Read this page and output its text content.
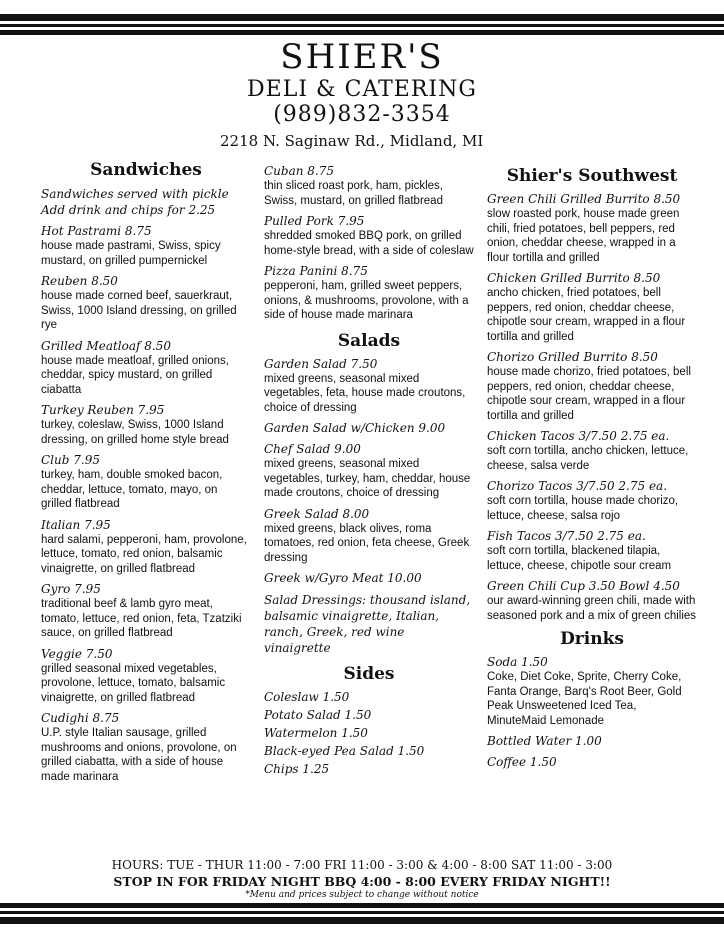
SHIER'S
DELI & CATERING
(989)832-3354
2218 N. Saginaw Rd., Midland, MI
Sandwiches
Sandwiches served with pickle Add drink and chips for 2.25
Hot Pastrami 8.75
house made pastrami, Swiss, spicy mustard, on grilled pumpernickel
Reuben 8.50
house made corned beef, sauerkraut, Swiss, 1000 Island dressing, on grilled rye
Grilled Meatloaf 8.50
house made meatloaf, grilled onions, cheddar, spicy mustard, on grilled ciabatta
Turkey Reuben 7.95
turkey, coleslaw, Swiss, 1000 Island dressing, on grilled home style bread
Club 7.95
turkey, ham, double smoked bacon, cheddar, lettuce, tomato, mayo, on grilled flatbread
Italian 7.95
hard salami, pepperoni, ham, provolone, lettuce, tomato, red onion, balsamic vinaigrette, on grilled flatbread
Gyro 7.95
traditional beef & lamb gyro meat, tomato, lettuce, red onion, feta, Tzatziki sauce, on grilled flatbread
Veggie 7.50
grilled seasonal mixed vegetables, provolone, lettuce, tomato, balsamic vinaigrette, on grilled flatbread
Cudighi 8.75
U.P. style Italian sausage, grilled mushrooms and onions, provolone, on grilled ciabatta, with a side of house made marinara
Cuban 8.75
thin sliced roast pork, ham, pickles, Swiss, mustard, on grilled flatbread
Pulled Pork 7.95
shredded smoked BBQ pork, on grilled home-style bread, with a side of coleslaw
Pizza Panini 8.75
pepperoni, ham, grilled sweet peppers, onions, & mushrooms, provolone, with a side of house made marinara
Salads
Garden Salad 7.50
mixed greens, seasonal mixed vegetables, feta, house made croutons, choice of dressing
Garden Salad w/Chicken 9.00
Chef Salad 9.00
mixed greens, seasonal mixed vegetables, turkey, ham, cheddar, house made croutons, choice of dressing
Greek Salad 8.00
mixed greens, black olives, roma tomatoes, red onion, feta cheese, Greek dressing
Greek w/Gyro Meat 10.00
Salad Dressings: thousand island, balsamic vinaigrette, Italian, ranch, Greek, red wine vinaigrette
Sides
Coleslaw 1.50
Potato Salad 1.50
Watermelon 1.50
Black-eyed Pea Salad 1.50
Chips 1.25
Shier's Southwest
Green Chili Grilled Burrito 8.50
slow roasted pork, house made green chili, fried potatoes, bell peppers, red onion, cheddar cheese, wrapped in a flour tortilla and grilled
Chicken Grilled Burrito 8.50
ancho chicken, fried potatoes, bell peppers, red onion, cheddar cheese, chipotle sour cream, wrapped in a flour tortilla and grilled
Chorizo Grilled Burrito 8.50
house made chorizo, fried potatoes, bell peppers, red onion, cheddar cheese, chipotle sour cream, wrapped in a flour tortilla and grilled
Chicken Tacos 3/7.50 2.75 ea.
soft corn tortilla, ancho chicken, lettuce, cheese, salsa verde
Chorizo Tacos 3/7.50 2.75 ea.
soft corn tortilla, house made chorizo, lettuce, cheese, salsa rojo
Fish Tacos 3/7.50 2.75 ea.
soft corn tortilla, blackened tilapia, lettuce, cheese, chipotle sour cream
Green Chili Cup 3.50 Bowl 4.50
our award-winning green chili, made with seasoned pork and a mix of green chilies
Drinks
Soda 1.50
Coke, Diet Coke, Sprite, Cherry Coke, Fanta Orange, Barq's Root Beer, Gold Peak Unsweetened Iced Tea, MinuteMaid Lemonade
Bottled Water 1.00
Coffee 1.50
HOURS: TUE - THUR 11:00 - 7:00 FRI 11:00 - 3:00 & 4:00 - 8:00 SAT 11:00 - 3:00
STOP IN FOR FRIDAY NIGHT BBQ 4:00 - 8:00 EVERY FRIDAY NIGHT!!
*Menu and prices subject to change without notice
